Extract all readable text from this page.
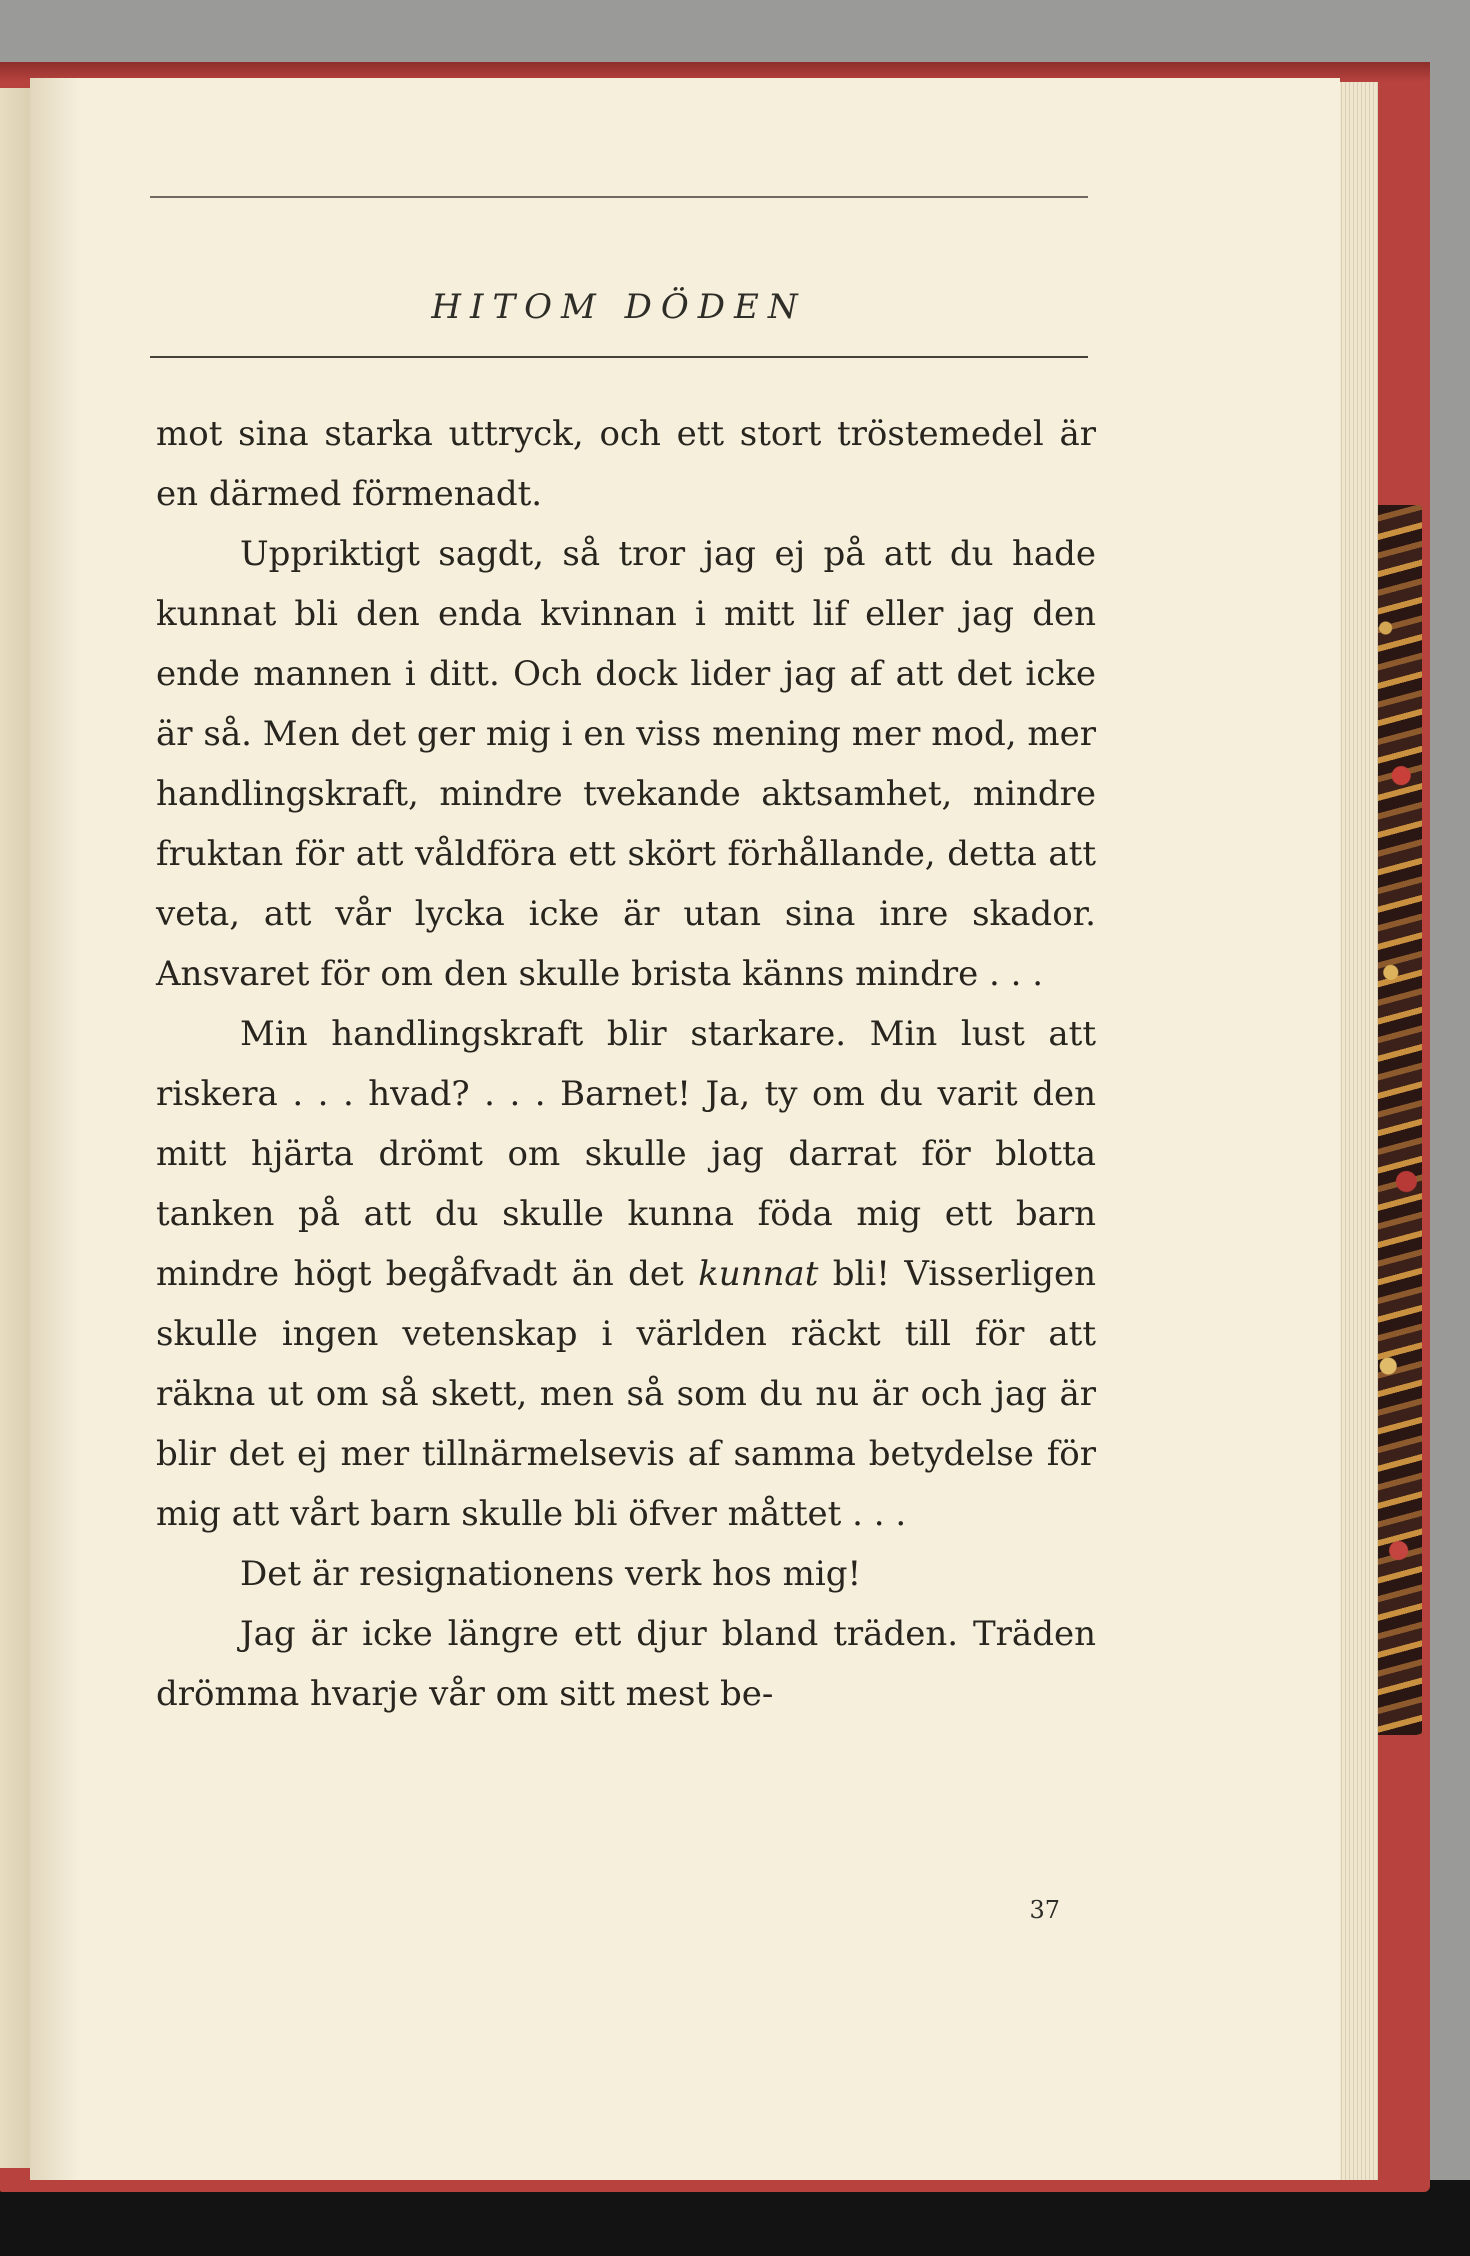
HITOM DÖDEN

mot sina starka uttryck, och ett stort tröstemedel är en därmed förmenadt.

Uppriktigt sagdt, så tror jag ej på att du hade kunnat bli den enda kvinnan i mitt lif eller jag den ende mannen i ditt. Och dock lider jag af att det icke är så. Men det ger mig i en viss mening mer mod, mer handlingskraft, mindre tvekande aktsamhet, mindre fruktan för att våldföra ett skört förhållande, detta att veta, att vår lycka icke är utan sina inre skador. Ansvaret för om den skulle brista känns mindre . . .

Min handlingskraft blir starkare. Min lust att riskera . . . hvad? . . . Barnet! Ja, ty om du varit den mitt hjärta drömt om skulle jag darrat för blotta tanken på att du skulle kunna föda mig ett barn mindre högt begåfvadt än det kunnat bli! Visserligen skulle ingen vetenskap i världen räckt till för att räkna ut om så skett, men så som du nu är och jag är blir det ej mer tillnärmelsevis af samma betydelse för mig att vårt barn skulle bli öfver måttet . . .

Det är resignationens verk hos mig!

Jag är icke längre ett djur bland träden. Träden drömma hvarje vår om sitt mest be-

37
